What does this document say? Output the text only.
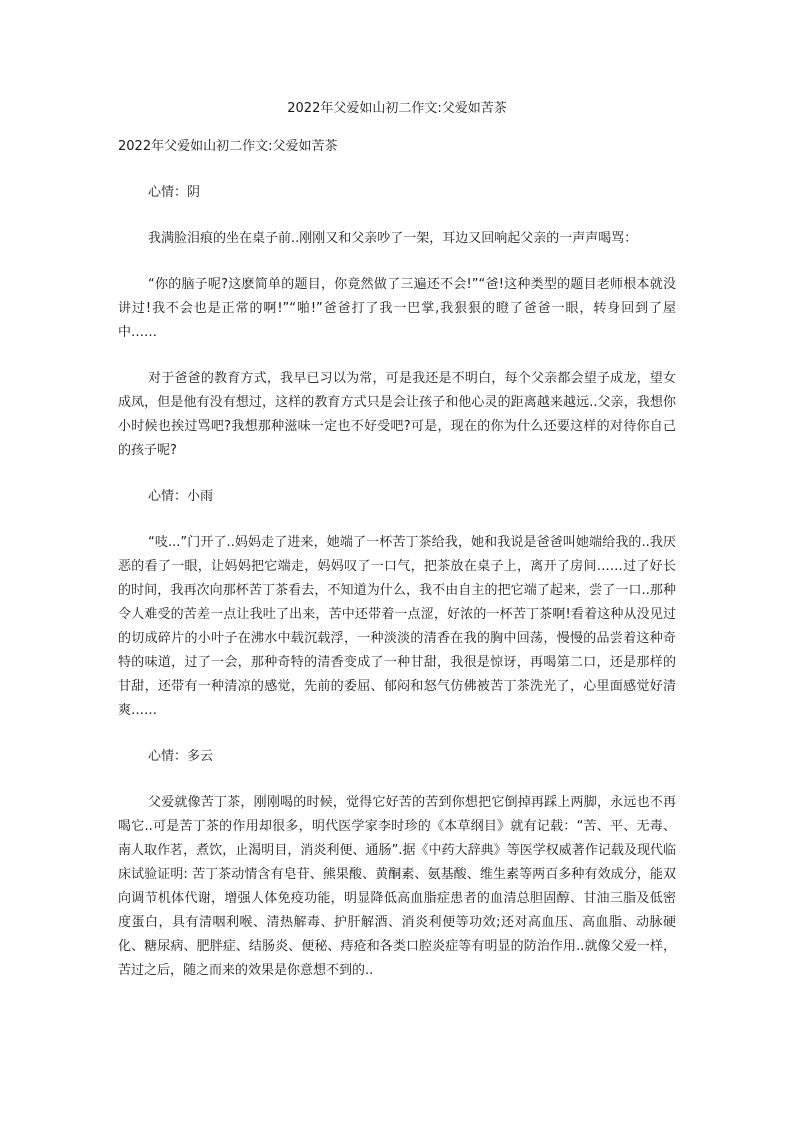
2022年父爱如山初二作文:父爱如苦茶

2022年父爱如山初二作文:父爱如苦茶

心情：阴

我满脸泪痕的坐在桌子前..刚刚又和父亲吵了一架，耳边又回响起父亲的一声声喝骂：

“你的脑子呢?这麽简单的题目，你竟然做了三遍还不会!”“爸!这种类型的题目老师根本就没讲过!我不会也是正常的啊!”“啪!”爸爸打了我一巴掌,我狠狠的瞪了爸爸一眼，转身回到了屋中……

对于爸爸的教育方式，我早已习以为常，可是我还是不明白，每个父亲都会望子成龙，望女成凤，但是他有没有想过，这样的教育方式只是会让孩子和他心灵的距离越来越远..父亲，我想你小时候也挨过骂吧?我想那种滋味一定也不好受吧?可是，现在的你为什么还要这样的对待你自己的孩子呢?

心情：小雨

“吱...”门开了..妈妈走了进来，她端了一杯苦丁茶给我，她和我说是爸爸叫她端给我的..我厌恶的看了一眼，让妈妈把它端走，妈妈叹了一口气，把茶放在桌子上，离开了房间……过了好长的时间，我再次向那杯苦丁茶看去，不知道为什么，我不由自主的把它端了起来，尝了一口..那种令人难受的苦差一点让我吐了出来，苦中还带着一点涩，好浓的一杯苦丁茶啊!看着这种从没见过的切成碎片的小叶子在沸水中载沉载浮，一种淡淡的清香在我的胸中回荡，慢慢的品尝着这种奇特的味道，过了一会，那种奇特的清香变成了一种甘甜，我很是惊讶，再喝第二口，还是那样的甘甜，还带有一种清凉的感觉，先前的委屈、郁闷和怒气仿佛被苦丁茶洗光了，心里面感觉好清爽……

心情：多云

父爱就像苦丁茶，刚刚喝的时候，觉得它好苦的苦到你想把它倒掉再踩上两脚，永远也不再喝它..可是苦丁茶的作用却很多，明代医学家李时珍的《本草纲目》就有记载：“苦、平、无毒、南人取作茗，煮饮，止渴明目，消炎利便、通肠”.据《中药大辞典》等医学权威著作记载及现代临床试验证明: 苦丁茶动情含有皂苷、熊果酸、黄酮素、氨基酸、维生素等两百多种有效成分，能双向调节机体代谢，增强人体免疫功能，明显降低高血脂症患者的血清总胆固醇、甘油三脂及低密度蛋白，具有清咽利喉、清热解毒、护肝解酒、消炎利便等功效;还对高血压、高血脂、动脉硬化、糖尿病、肥胖症、结肠炎、便秘、痔疮和各类口腔炎症等有明显的防治作用..就像父爱一样，苦过之后，随之而来的效果是你意想不到的..
